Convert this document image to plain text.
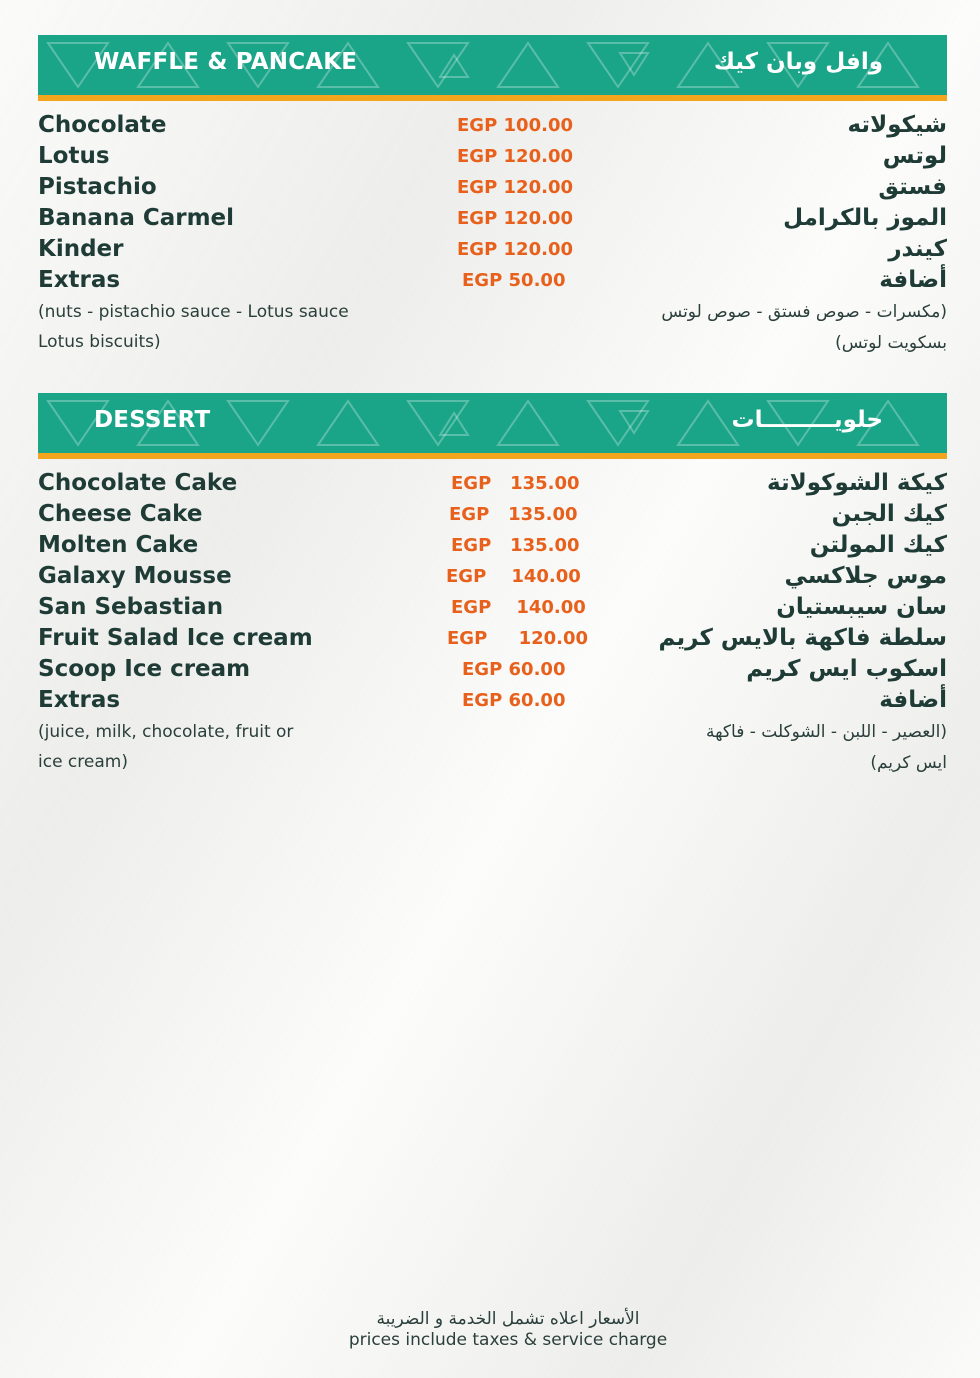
WAFFLE & PANCAKE	وافل وبان كيك
Chocolate	EGP 100.00	شيكولاته
Lotus	EGP 120.00	لوتس
Pistachio	EGP 120.00	فستق
Banana Carmel	EGP 120.00	الموز بالكرامل
Kinder	EGP 120.00	كيندر
Extras	EGP 50.00	أضافة
(nuts - pistachio sauce - Lotus sauce
Lotus biscuits)
(مكسرات - صوص فستق - صوص لوتس
بسكويت لوتس)
DESSERT	حلويـــــــــات
Chocolate Cake	EGP   135.00	كيكة الشوكولاتة
Cheese Cake	EGP   135.00	كيك الجبن
Molten Cake	EGP   135.00	كيك المولتن
Galaxy Mousse	EGP    140.00	موس جلاكسي
San Sebastian	EGP    140.00	سان سيبستيان
Fruit Salad Ice cream	EGP     120.00	سلطة فاكهة بالايس كريم
Scoop Ice cream	EGP 60.00	اسكوب ايس كريم
Extras	EGP 60.00	أضافة
(juice, milk, chocolate, fruit or
ice cream)
(العصير - اللبن - الشوكلت - فاكهة
ايس كريم)
الأسعار اعلاه تشمل الخدمة و الضريبة
prices include taxes & service charge
